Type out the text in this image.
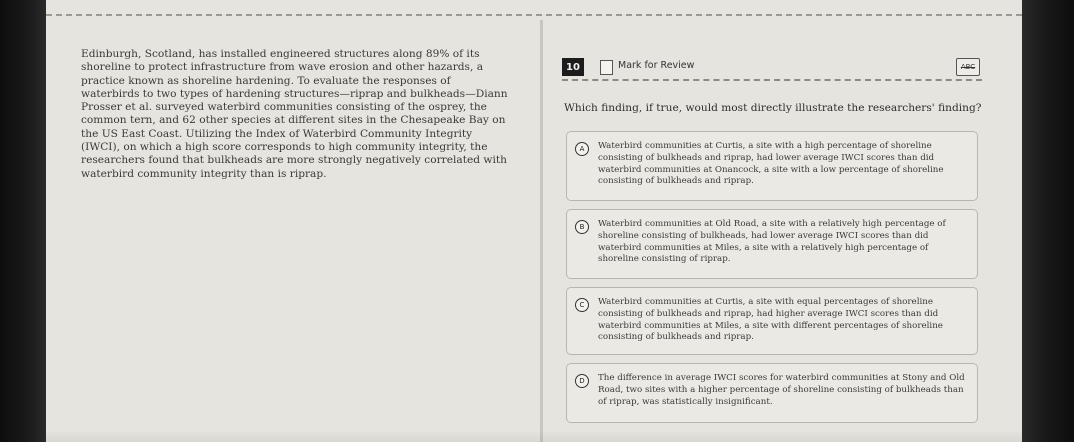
Edinburgh, Scotland, has installed engineered structures along 89% of its shoreline to protect infrastructure from wave erosion and other hazards, a practice known as shoreline hardening. To evaluate the responses of waterbirds to two types of hardening structures—riprap and bulkheads—Diann Prosser et al. surveyed waterbird communities consisting of the osprey, the common tern, and 62 other species at different sites in the Chesapeake Bay on the US East Coast. Utilizing the Index of Waterbird Community Integrity (IWCI), on which a high score corresponds to high community integrity, the researchers found that bulkheads are more strongly negatively correlated with waterbird community integrity than is riprap.
10	Mark for Review	ABC
Which finding, if true, would most directly illustrate the researchers' finding?
A	Waterbird communities at Curtis, a site with a high percentage of shoreline consisting of bulkheads and riprap, had lower average IWCI scores than did waterbird communities at Onancock, a site with a low percentage of shoreline consisting of bulkheads and riprap.
B	Waterbird communities at Old Road, a site with a relatively high percentage of shoreline consisting of bulkheads, had lower average IWCI scores than did waterbird communities at Miles, a site with a relatively high percentage of shoreline consisting of riprap.
C	Waterbird communities at Curtis, a site with equal percentages of shoreline consisting of bulkheads and riprap, had higher average IWCI scores than did waterbird communities at Miles, a site with different percentages of shoreline consisting of bulkheads and riprap.
D	The difference in average IWCI scores for waterbird communities at Stony and Old Road, two sites with a higher percentage of shoreline consisting of bulkheads than of riprap, was statistically insignificant.
